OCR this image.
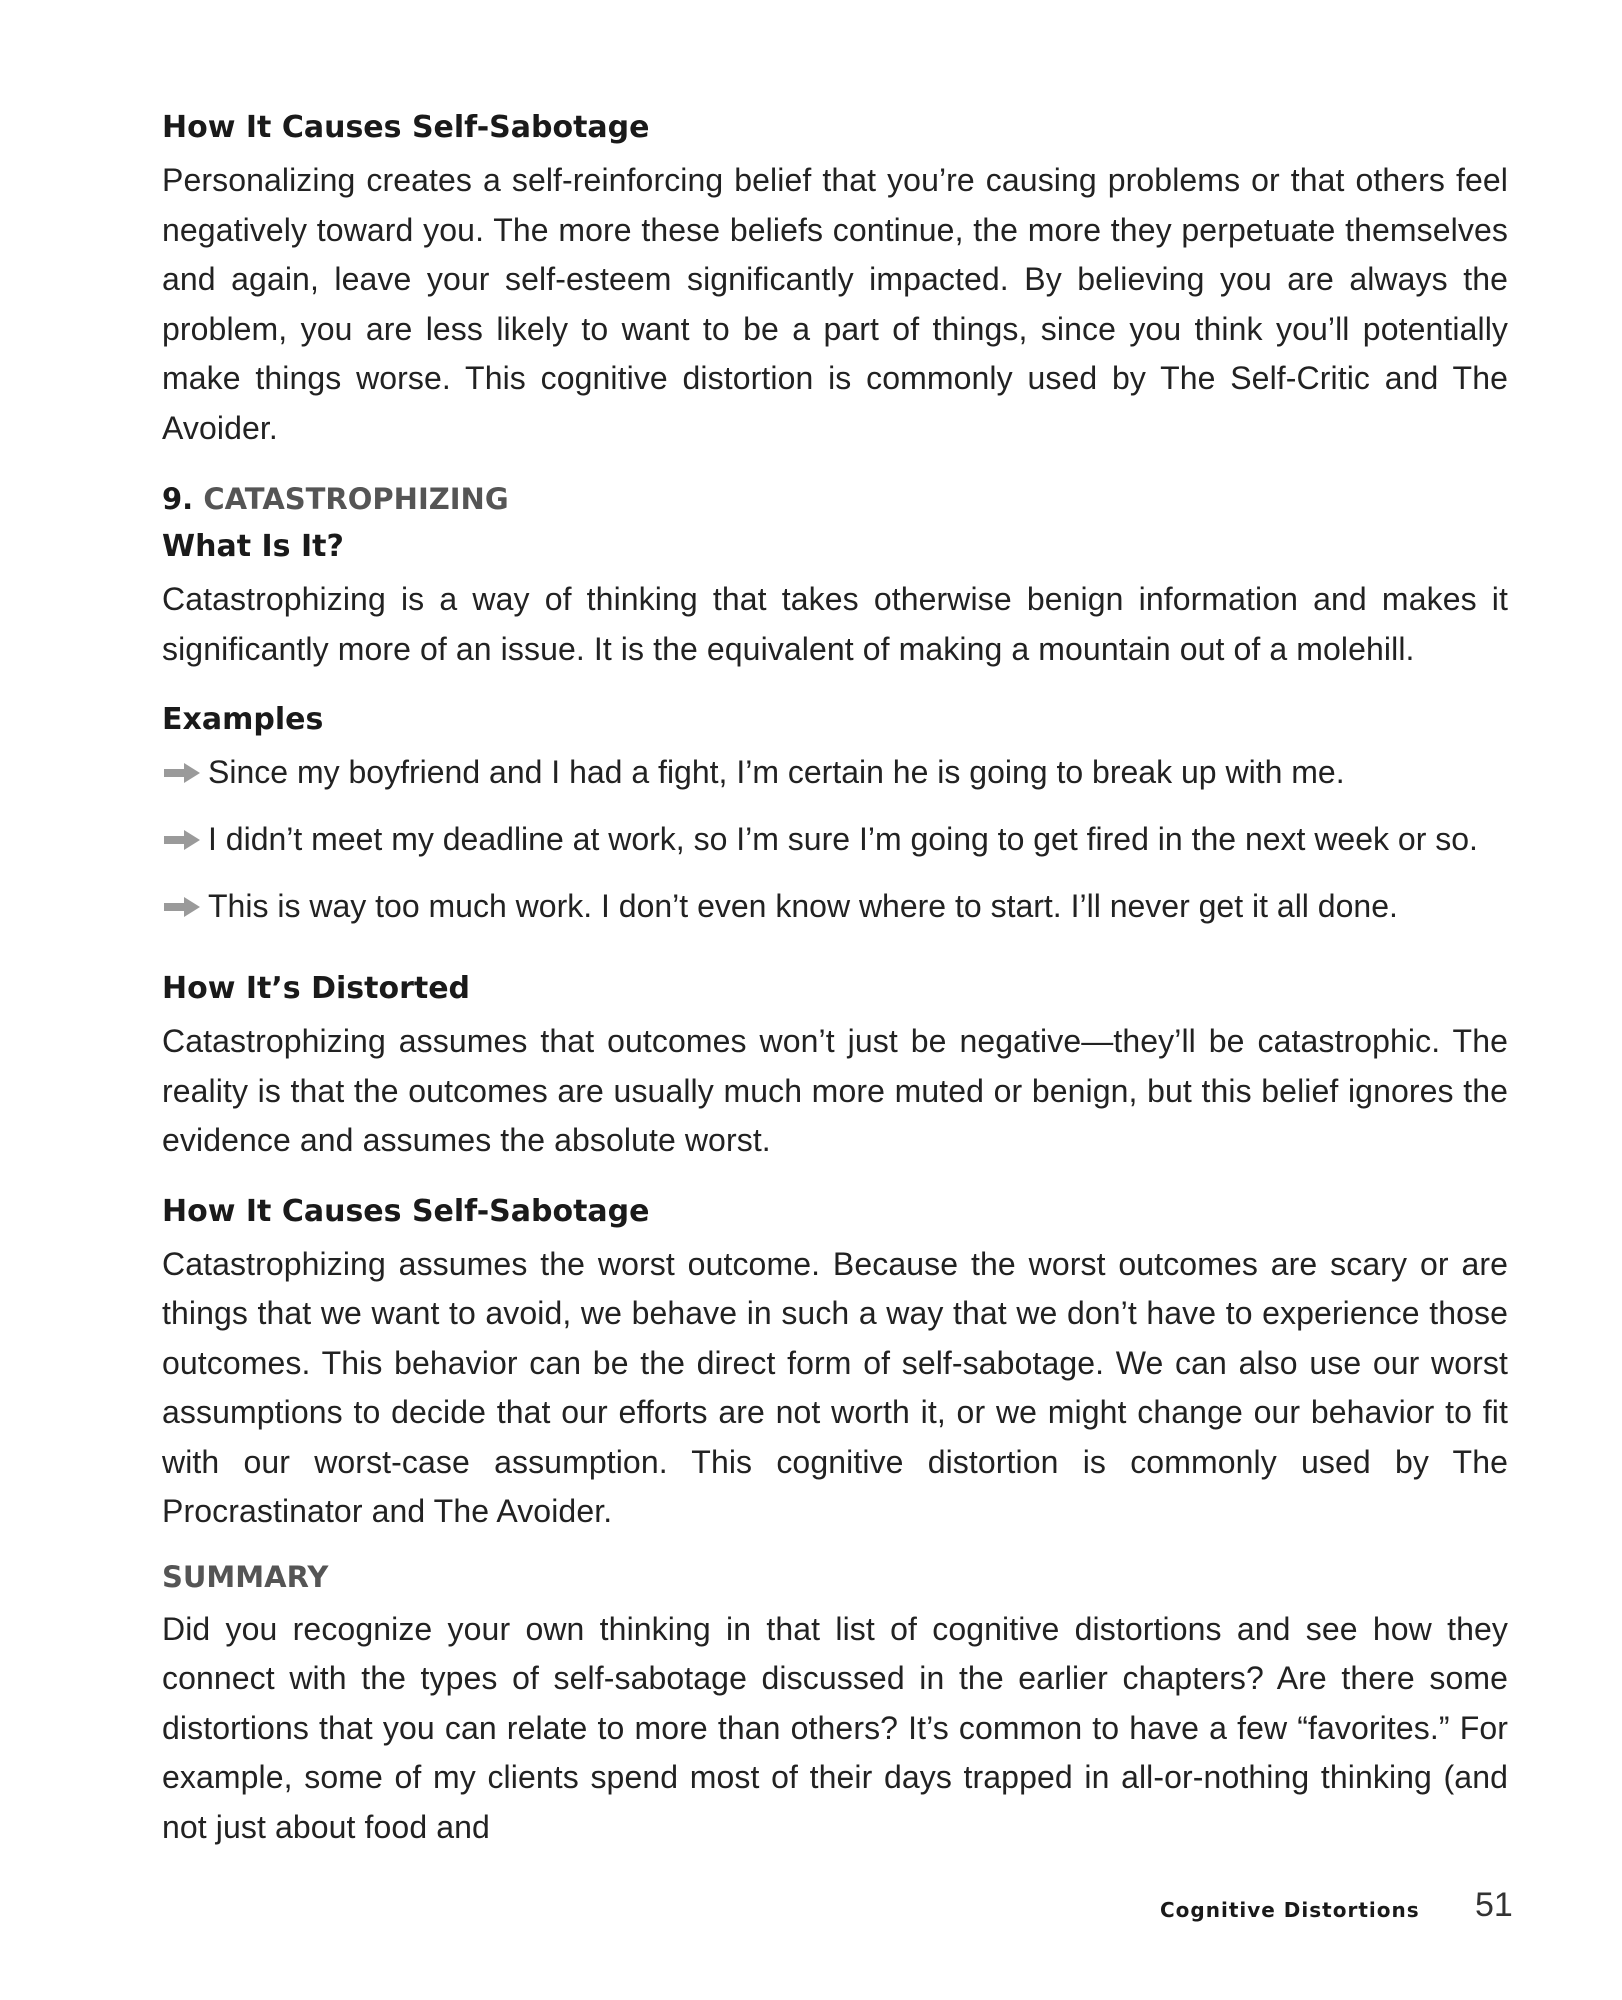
How It Causes Self-Sabotage

Personalizing creates a self-reinforcing belief that you’re causing problems or that others feel negatively toward you. The more these beliefs continue, the more they perpetuate themselves and again, leave your self-esteem significantly impacted. By believing you are always the problem, you are less likely to want to be a part of things, since you think you’ll potentially make things worse. This cognitive distortion is commonly used by The Self-Critic and The Avoider.

9. CATASTROPHIZING
What Is It?

Catastrophizing is a way of thinking that takes otherwise benign information and makes it significantly more of an issue. It is the equivalent of making a mountain out of a molehill.

Examples
Since my boyfriend and I had a fight, I’m certain he is going to break up with me.
I didn’t meet my deadline at work, so I’m sure I’m going to get fired in the next week or so.
This is way too much work. I don’t even know where to start. I’ll never get it all done.
How It’s Distorted

Catastrophizing assumes that outcomes won’t just be negative—they’ll be catastrophic. The reality is that the outcomes are usually much more muted or benign, but this belief ignores the evidence and assumes the absolute worst.

How It Causes Self-Sabotage

Catastrophizing assumes the worst outcome. Because the worst outcomes are scary or are things that we want to avoid, we behave in such a way that we don’t have to experience those outcomes. This behavior can be the direct form of self-sabotage. We can also use our worst assumptions to decide that our efforts are not worth it, or we might change our behavior to fit with our worst-case assumption. This cognitive distortion is commonly used by The Procrastinator and The Avoider.

SUMMARY

Did you recognize your own thinking in that list of cognitive distortions and see how they connect with the types of self-sabotage discussed in the earlier chapters? Are there some distortions that you can relate to more than others? It’s common to have a few “favorites.” For example, some of my clients spend most of their days trapped in all-or-nothing thinking (and not just about food and

Cognitive Distortions 51
